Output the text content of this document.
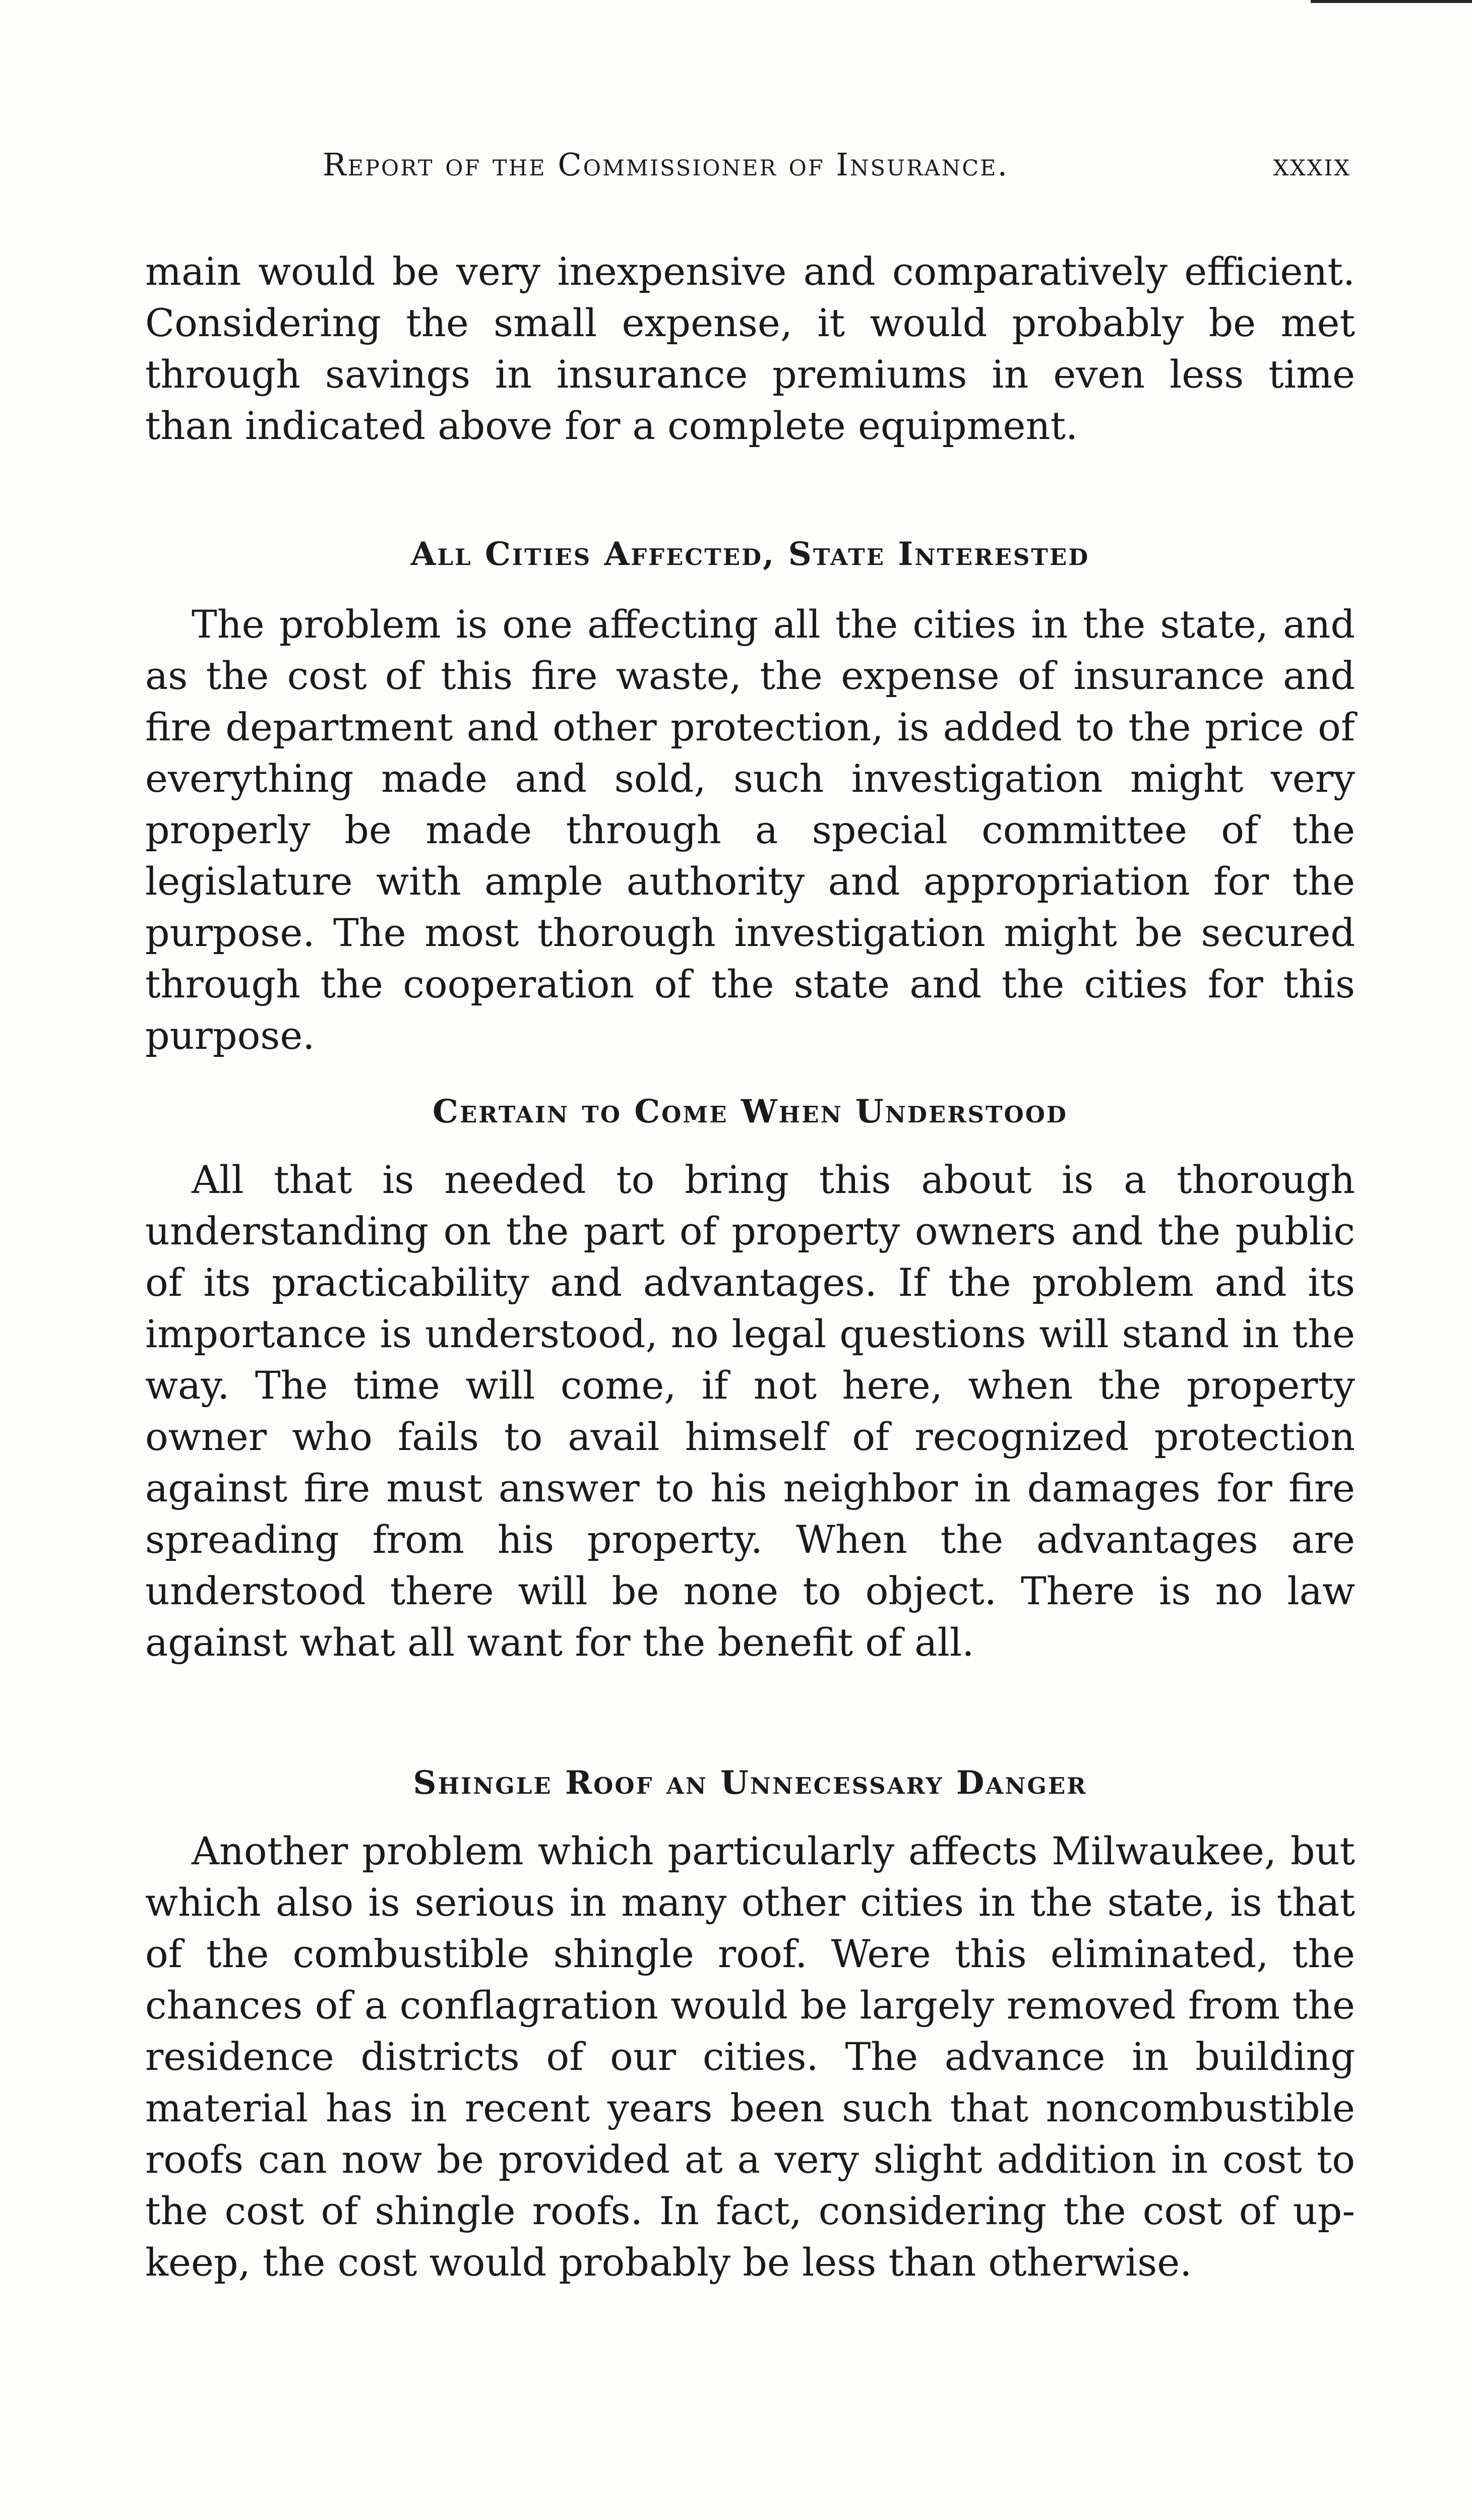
Report of the Commissioner of Insurance.	xxxix

main would be very inexpensive and comparatively efficient. Considering the small expense, it would probably be met through savings in insurance premiums in even less time than indicated above for a complete equipment.

All Cities Affected, State Interested

The problem is one affecting all the cities in the state, and as the cost of this fire waste, the expense of insurance and fire department and other protection, is added to the price of everything made and sold, such investigation might very properly be made through a special committee of the legislature with ample authority and appropriation for the purpose. The most thorough investigation might be secured through the cooperation of the state and the cities for this purpose.

Certain to Come When Understood

All that is needed to bring this about is a thorough understanding on the part of property owners and the public of its practicability and advantages. If the problem and its importance is understood, no legal questions will stand in the way. The time will come, if not here, when the property owner who fails to avail himself of recognized protection against fire must answer to his neighbor in damages for fire spreading from his property. When the advantages are understood there will be none to object. There is no law against what all want for the benefit of all.

Shingle Roof an Unnecessary Danger

Another problem which particularly affects Milwaukee, but which also is serious in many other cities in the state, is that of the combustible shingle roof. Were this eliminated, the chances of a conflagration would be largely removed from the residence districts of our cities. The advance in building material has in recent years been such that noncombustible roofs can now be provided at a very slight addition in cost to the cost of shingle roofs. In fact, considering the cost of up-keep, the cost would probably be less than otherwise.
